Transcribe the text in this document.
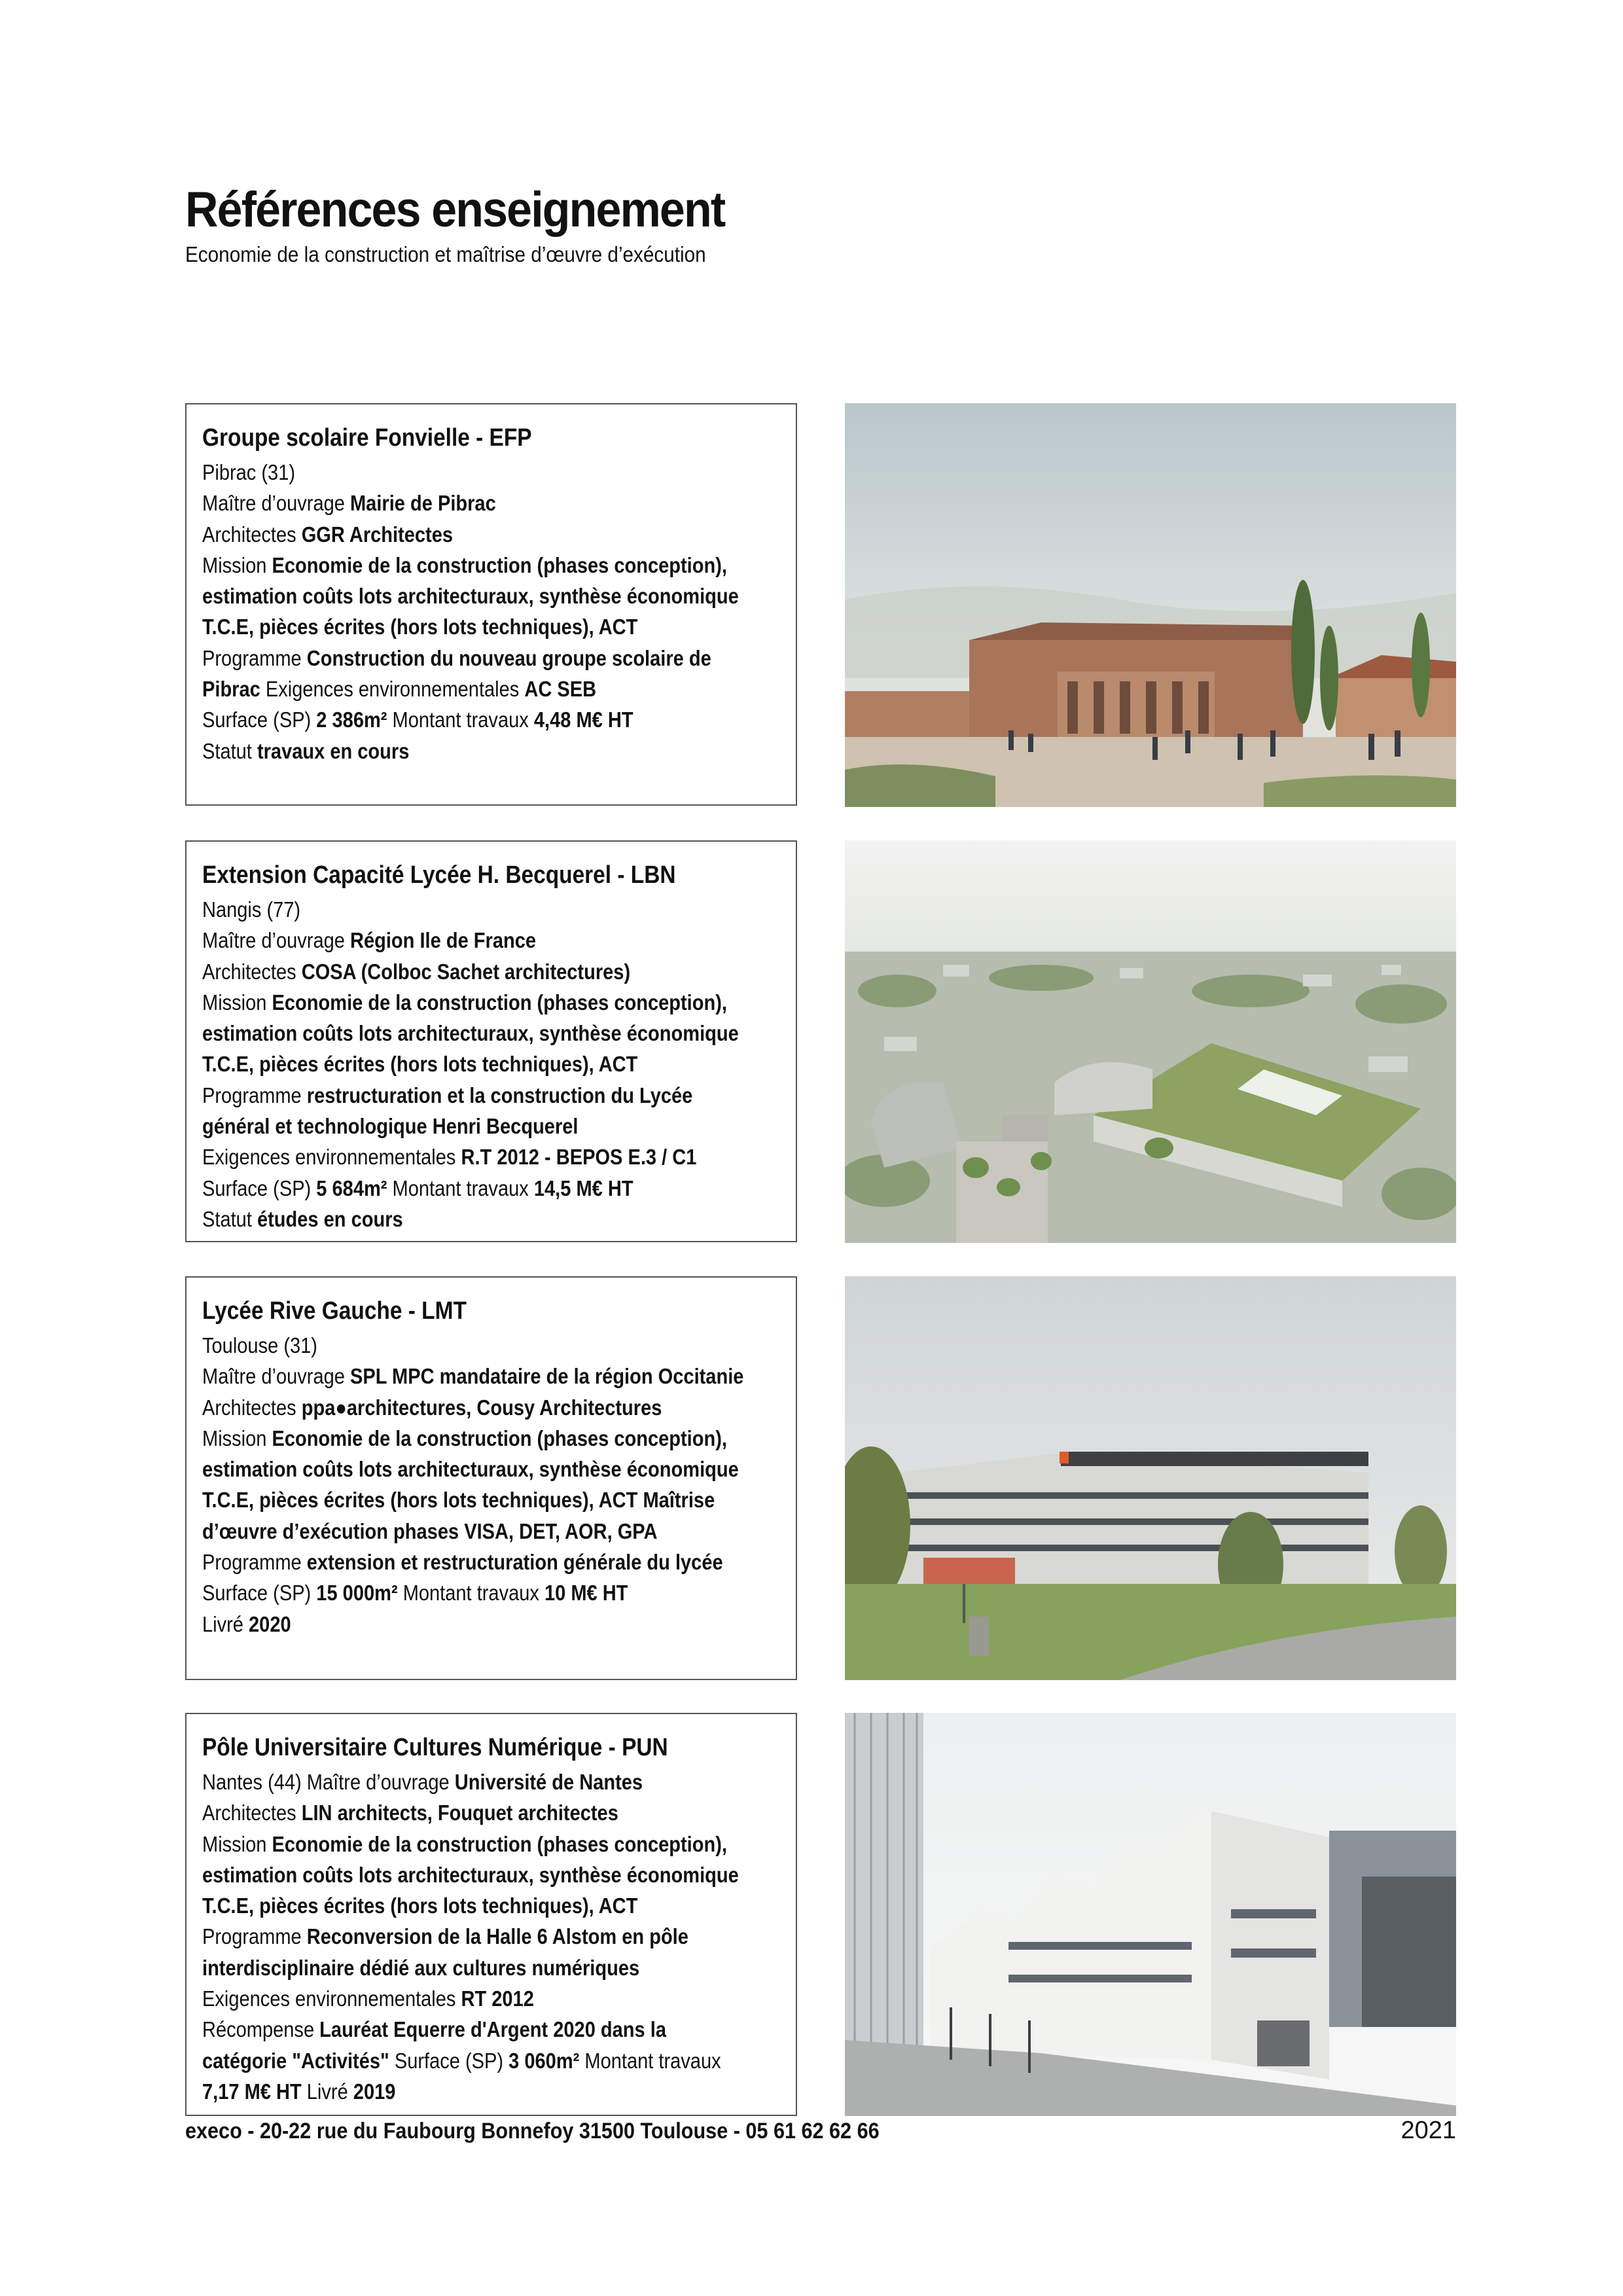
Références enseignement
Economie de la construction et maîtrise d’œuvre d’exécution
Groupe scolaire Fonvielle - EFP
Pibrac (31)
Maître d’ouvrage Mairie de Pibrac
Architectes GGR Architectes
Mission Economie de la construction (phases conception),
estimation coûts lots architecturaux, synthèse économique
T.C.E, pièces écrites (hors lots techniques), ACT
Programme Construction du nouveau groupe scolaire de
Pibrac Exigences environnementales AC SEB
Surface (SP) 2 386m² Montant travaux 4,48 M€ HT
Statut travaux en cours
Extension Capacité Lycée H. Becquerel - LBN
Nangis (77)
Maître d’ouvrage Région Ile de France
Architectes COSA (Colboc Sachet architectures)
Mission Economie de la construction (phases conception),
estimation coûts lots architecturaux, synthèse économique
T.C.E, pièces écrites (hors lots techniques), ACT
Programme restructuration et la construction du Lycée
général et technologique Henri Becquerel
Exigences environnementales R.T 2012 - BEPOS E.3 / C1
Surface (SP) 5 684m² Montant travaux 14,5 M€ HT
Statut études en cours
Lycée Rive Gauche - LMT
Toulouse (31)
Maître d’ouvrage SPL MPC mandataire de la région Occitanie
Architectes ppa●architectures, Cousy Architectures
Mission Economie de la construction (phases conception),
estimation coûts lots architecturaux, synthèse économique
T.C.E, pièces écrites (hors lots techniques), ACT Maîtrise
d’œuvre d’exécution phases VISA, DET, AOR, GPA
Programme extension et restructuration générale du lycée
Surface (SP) 15 000m² Montant travaux 10 M€ HT
Livré 2020
Pôle Universitaire Cultures Numérique - PUN
Nantes (44) Maître d’ouvrage Université de Nantes
Architectes LIN architects, Fouquet architectes
Mission Economie de la construction (phases conception),
estimation coûts lots architecturaux, synthèse économique
T.C.E, pièces écrites (hors lots techniques), ACT
Programme Reconversion de la Halle 6 Alstom en pôle
interdisciplinaire dédié aux cultures numériques
Exigences environnementales RT 2012
Récompense Lauréat Equerre d'Argent 2020 dans la
catégorie "Activités" Surface (SP) 3 060m² Montant travaux
7,17 M€ HT Livré 2019
execo - 20-22 rue du Faubourg Bonnefoy 31500 Toulouse - 05 61 62 62 66	2021
